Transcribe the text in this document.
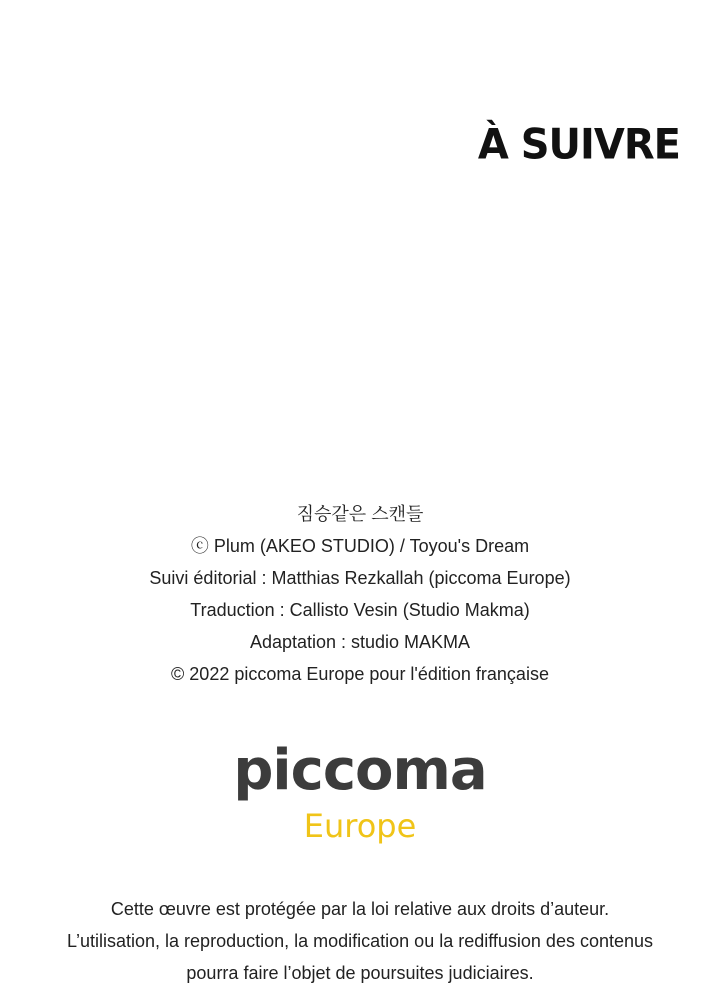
À SUIVRE
짐승같은 스캔들
ⓒ Plum (AKEO STUDIO) / Toyou's Dream
Suivi éditorial : Matthias Rezkallah (piccoma Europe)
Traduction : Callisto Vesin (Studio Makma)
Adaptation : studio MAKMA
© 2022 piccoma Europe pour l'édition française
piccoma
Europe
Cette œuvre est protégée par la loi relative aux droits d’auteur.
L’utilisation, la reproduction, la modification ou la rediffusion des contenus
pourra faire l’objet de poursuites judiciaires.
